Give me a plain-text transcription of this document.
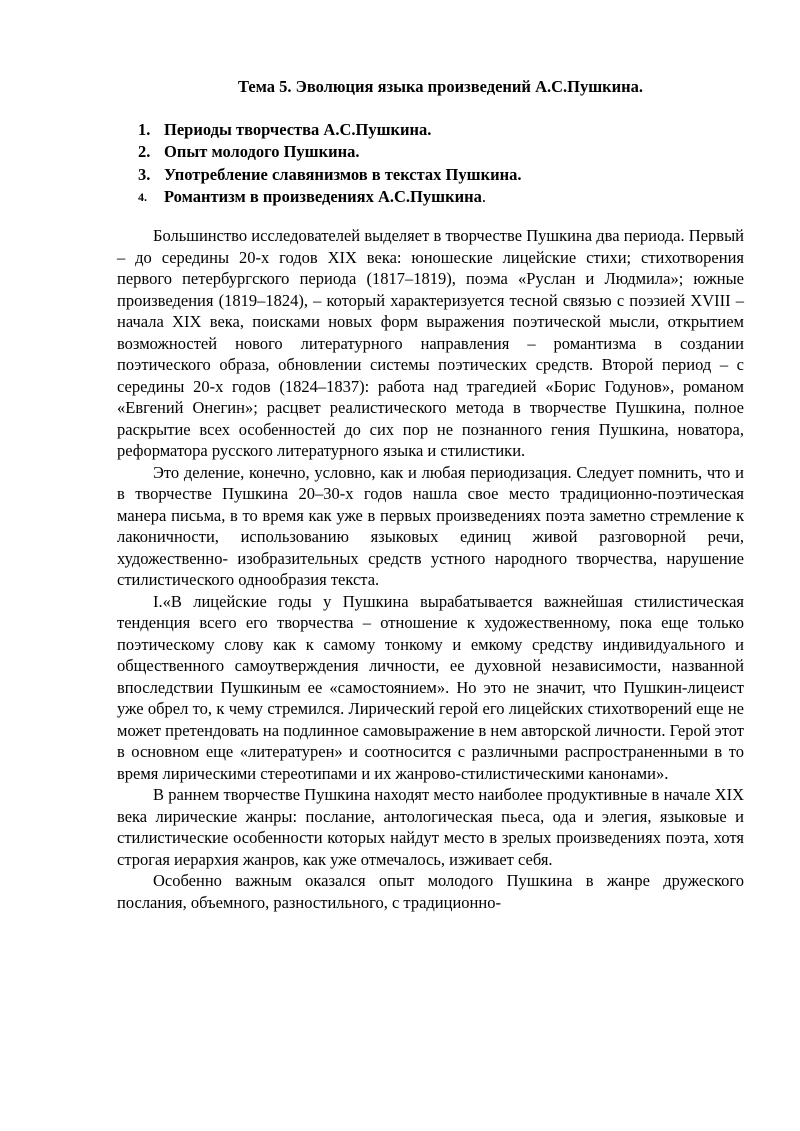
Тема 5. Эволюция языка произведений А.С.Пушкина.
1. Периоды творчества А.С.Пушкина.
2. Опыт молодого Пушкина.
3. Употребление славянизмов в текстах Пушкина.
4.	Романтизм в произведениях А.С.Пушкина .

Большинство исследователей выделяет в творчестве Пушкина два периода. Первый – до середины 20-х годов XIX века: юношеские лицейские стихи; стихотворения первого петербургского периода (1817–1819), поэма «Руслан и Людмила»; южные произведения (1819–1824), – который характеризуется тесной связью с поэзией XVIII – начала XIX века, поисками новых форм выражения поэтической мысли, открытием возможностей нового литературного направления – романтизма в создании поэтического образа, обновлении системы поэтических средств. Второй период – с середины 20-х годов (1824–1837): работа над трагедией «Борис Годунов», романом «Евгений Онегин»; расцвет реалистического метода в творчестве Пушкина, полное раскрытие всех особенностей до сих пор не познанного гения Пушкина, новатора, реформатора русского литературного языка и стилистики.

Это деление, конечно, условно, как и любая периодизация. Следует помнить, что и в творчестве Пушкина 20–30-х годов нашла свое место традиционно-поэтическая манера письма, в то время как уже в первых произведениях поэта заметно стремление к лаконичности, использованию языковых единиц живой разговорной речи, художественно- изобразительных средств устного народного творчества, нарушение стилистического однообразия текста.

I.«В лицейские годы у Пушкина вырабатывается важнейшая стилистическая тенденция всего его творчества – отношение к художественному, пока еще только поэтическому слову как к самому тонкому и емкому средству индивидуального и общественного самоутверждения личности, ее духовной независимости, названной впоследствии Пушкиным ее «самостоянием». Но это не значит, что Пушкин-лицеист уже обрел то, к чему стремился. Лирический герой его лицейских стихотворений еще не может претендовать на подлинное самовыражение в нем авторской личности. Герой этот в основном еще «литературен» и соотносится с различными распространенными в то время лирическими стереотипами и их жанрово-стилистическими канонами».

В раннем творчестве Пушкина находят место наиболее продуктивные в начале XIX века лирические жанры: послание, антологическая пьеса, ода и элегия, языковые и стилистические особенности которых найдут место в зрелых произведениях поэта, хотя строгая иерархия жанров, как уже отмечалось, изживает себя.

Особенно важным оказался опыт молодого Пушкина в жанре дружеского послания, объемного, разностильного, с традиционно-
